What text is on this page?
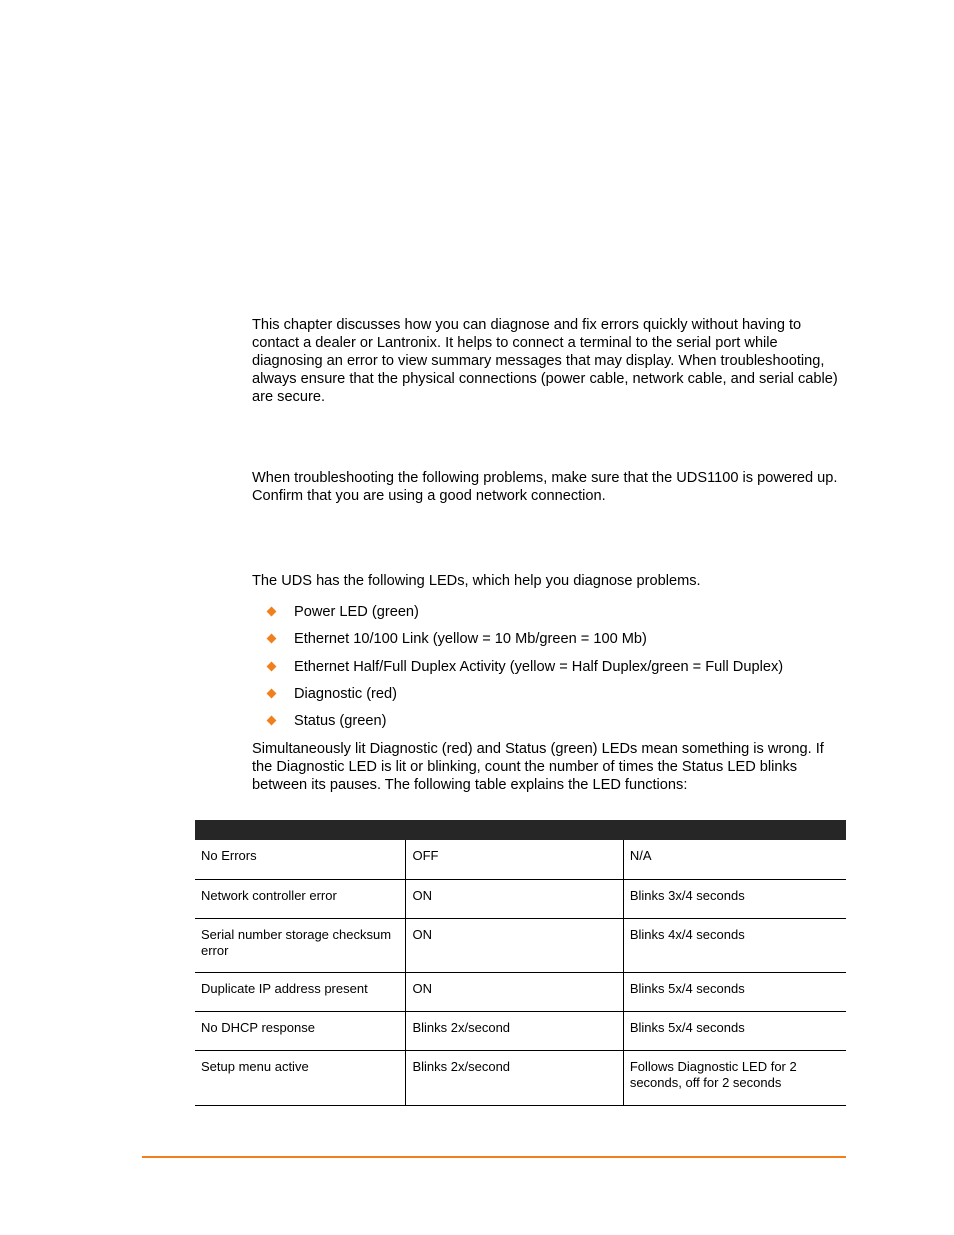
This chapter discusses how you can diagnose and fix errors quickly without having to contact a dealer or Lantronix. It helps to connect a terminal to the serial port while diagnosing an error to view summary messages that may display. When troubleshooting, always ensure that the physical connections (power cable, network cable, and serial cable) are secure.

When troubleshooting the following problems, make sure that the UDS1100 is powered up. Confirm that you are using a good network connection.

The UDS has the following LEDs, which help you diagnose problems.

Power LED (green)
Ethernet 10/100 Link (yellow = 10 Mb/green = 100 Mb)
Ethernet Half/Full Duplex Activity (yellow = Half Duplex/green = Full Duplex)
Diagnostic (red)
Status (green)

Simultaneously lit Diagnostic (red) and Status (green) LEDs mean something is wrong. If the Diagnostic LED is lit or blinking, count the number of times the Status LED blinks between its pauses. The following table explains the LED functions:

No Errors	OFF	N/A
Network controller error	ON	Blinks 3x/4 seconds
Serial number storage checksum error	ON	Blinks 4x/4 seconds
Duplicate IP address present	ON	Blinks 5x/4 seconds
No DHCP response	Blinks 2x/second	Blinks 5x/4 seconds
Setup menu active	Blinks 2x/second	Follows Diagnostic LED for 2 seconds, off for 2 seconds
